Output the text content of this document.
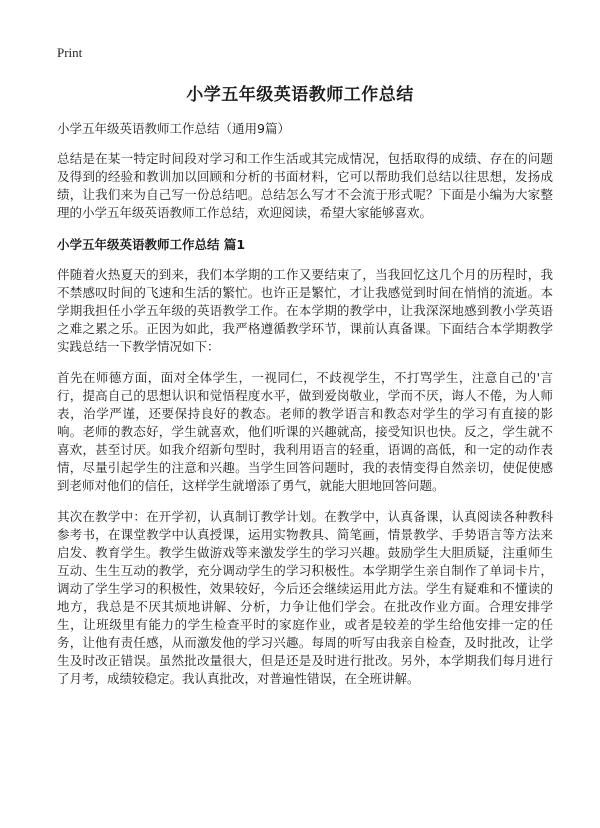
Print
小学五年级英语教师工作总结

小学五年级英语教师工作总结（通用9篇）

总结是在某一特定时间段对学习和工作生活或其完成情况，包括取得的成绩、存在的问题及得到的经验和教训加以回顾和分析的书面材料，它可以帮助我们总结以往思想，发扬成绩，让我们来为自己写一份总结吧。总结怎么写才不会流于形式呢？下面是小编为大家整理的小学五年级英语教师工作总结，欢迎阅读，希望大家能够喜欢。

小学五年级英语教师工作总结 篇1

伴随着火热夏天的到来，我们本学期的工作又要结束了，当我回忆这几个月的历程时，我不禁感叹时间的飞速和生活的繁忙。也许正是繁忙，才让我感觉到时间在悄悄的流逝。本学期我担任小学五年级的英语教学工作。在本学期的教学中，让我深深地感到教小学英语之难之累之乐。正因为如此，我严格遵循教学环节，课前认真备课。下面结合本学期教学实践总结一下教学情况如下：

首先在师德方面，面对全体学生，一视同仁，不歧视学生，不打骂学生，注意自己的'言行，提高自己的思想认识和觉悟程度水平，做到爱岗敬业，学而不厌，诲人不倦，为人师表，治学严谨，还要保持良好的教态。老师的教学语言和教态对学生的学习有直接的影响。老师的教态好，学生就喜欢，他们听课的兴趣就高，接受知识也快。反之，学生就不喜欢，甚至讨厌。如我介绍新句型时，我利用语言的轻重，语调的高低，和一定的动作表情，尽量引起学生的注意和兴趣。当学生回答问题时，我的表情变得自然亲切，使促使感到老师对他们的信任，这样学生就增添了勇气，就能大胆地回答问题。

其次在教学中：在开学初，认真制订教学计划。在教学中，认真备课，认真阅读各种教科参考书，在课堂教学中认真授课，运用实物教具、简笔画，情景教学、手势语言等方法来启发、教育学生。教学生做游戏等来激发学生的学习兴趣。鼓励学生大胆质疑，注重师生互动、生生互动的教学，充分调动学生的学习积极性。本学期学生亲自制作了单词卡片，调动了学生学习的积极性，效果较好，今后还会继续运用此方法。学生有疑难和不懂读的地方，我总是不厌其烦地讲解、分析，力争让他们学会。在批改作业方面。合理安排学生，让班级里有能力的学生检查平时的家庭作业，或者是较差的学生给他安排一定的任务，让他有责任感，从而激发他的学习兴趣。每周的听写由我亲自检查，及时批改，让学生及时改正错误。虽然批改量很大，但是还是及时进行批改。另外，本学期我们每月进行了月考，成绩较稳定。我认真批改，对普遍性错误，在全班讲解。
